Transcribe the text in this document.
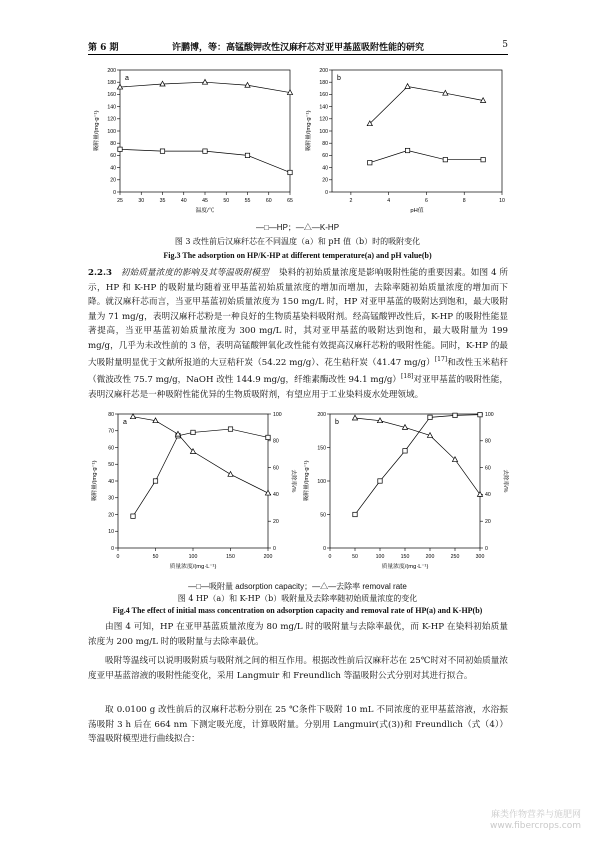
第 6 期	许鹏博，等：高锰酸钾改性汉麻秆芯对亚甲基蓝吸附性能的研究	5
a
25	30	35	40	45	50	55	60	65
0
20
40
60
80
100
120
140
160
180
200
温度/℃
吸附量/(mg·g⁻¹)
b
2	4	6	8	10
0
20
40
60
80
100
120
140
160
180
200
pH值
吸附量/(mg·g⁻¹)
—□—HP；—△—K-HP
图 3 改性前后汉麻秆芯在不同温度（a）和 pH 值（b）时的吸附变化
Fig.3 The adsorption on HP/K-HP at different temperature(a) and pH value(b)
2.2.3 初始质量浓度的影响及其等温吸附模型 染料的初始质量浓度是影响吸附性能的重要因素。如图 4 所示，HP 和 K-HP 的吸附量均随着亚甲基蓝初始质量浓度的增加而增加，去除率随初始质量浓度的增加而下降。就汉麻秆芯而言，当亚甲基蓝初始质量浓度为 150 mg/L 时，HP 对亚甲基蓝的吸附达到饱和，最大吸附量为 71 mg/g，表明汉麻秆芯粉是一种良好的生物质基染料吸附剂。经高锰酸钾改性后，K-HP 的吸附性能显著提高，当亚甲基蓝初始质量浓度为 300 mg/L 时，其对亚甲基蓝的吸附达到饱和，最大吸附量为 199 mg/g，几乎为未改性前的 3 倍，表明高锰酸钾氧化改性能有效提高汉麻秆芯粉的吸附性能。同时，K-HP 的最大吸附量明显优于文献所报道的大豆秸秆炭（54.22 mg/g）、花生秸秆炭（41.47 mg/g）[17]和改性玉米秸秆（微波改性 75.7 mg/g，NaOH 改性 144.9 mg/g，纤维素酶改性 94.1 mg/g）[18]对亚甲基蓝的吸附性能，表明汉麻秆芯是一种吸附性能优异的生物质吸附剂，有望应用于工业染料废水处理领域。
a
0	50	100	150	200
0
10
20
30
40
50
60
70
80
0
20
40
60
80
100
去除率/%
质量浓度/(mg·L⁻¹)
吸附量/(mg·g⁻¹)
b
0	50	100	150	200	250	300
0
50
100
150
200
0
20
40
60
80
100
去除率/%
质量浓度/(mg·L⁻¹)
吸附量/(mg·g⁻¹)
—□—吸附量 adsorption capacity；—△—去除率 removal rate
图 4 HP（a）和 K-HP（b）吸附量及去除率随初始质量浓度的变化
Fig.4 The effect of initial mass concentration on adsorption capacity and removal rate of HP(a) and K-HP(b)
由图 4 可知，HP 在亚甲基蓝质量浓度为 80 mg/L 时的吸附量与去除率最优，而 K-HP 在染料初始质量浓度为 200 mg/L 时的吸附量与去除率最优。
吸附等温线可以说明吸附质与吸附剂之间的相互作用。根据改性前后汉麻秆芯在 25℃时对不同初始质量浓度亚甲基蓝溶液的吸附性能变化，采用 Langmuir 和 Freundlich 等温吸附公式分别对其进行拟合。
取 0.0100 g 改性前后的汉麻秆芯粉分别在 25 ℃条件下吸附 10 mL 不同浓度的亚甲基蓝溶液，水浴振荡吸附 3 h 后在 664 nm 下测定吸光度，计算吸附量。分别用 Langmuir(式(3))和 Freundlich（式（4））等温吸附模型进行曲线拟合：
麻类作物营养与施肥网
www.fibercrops.com
